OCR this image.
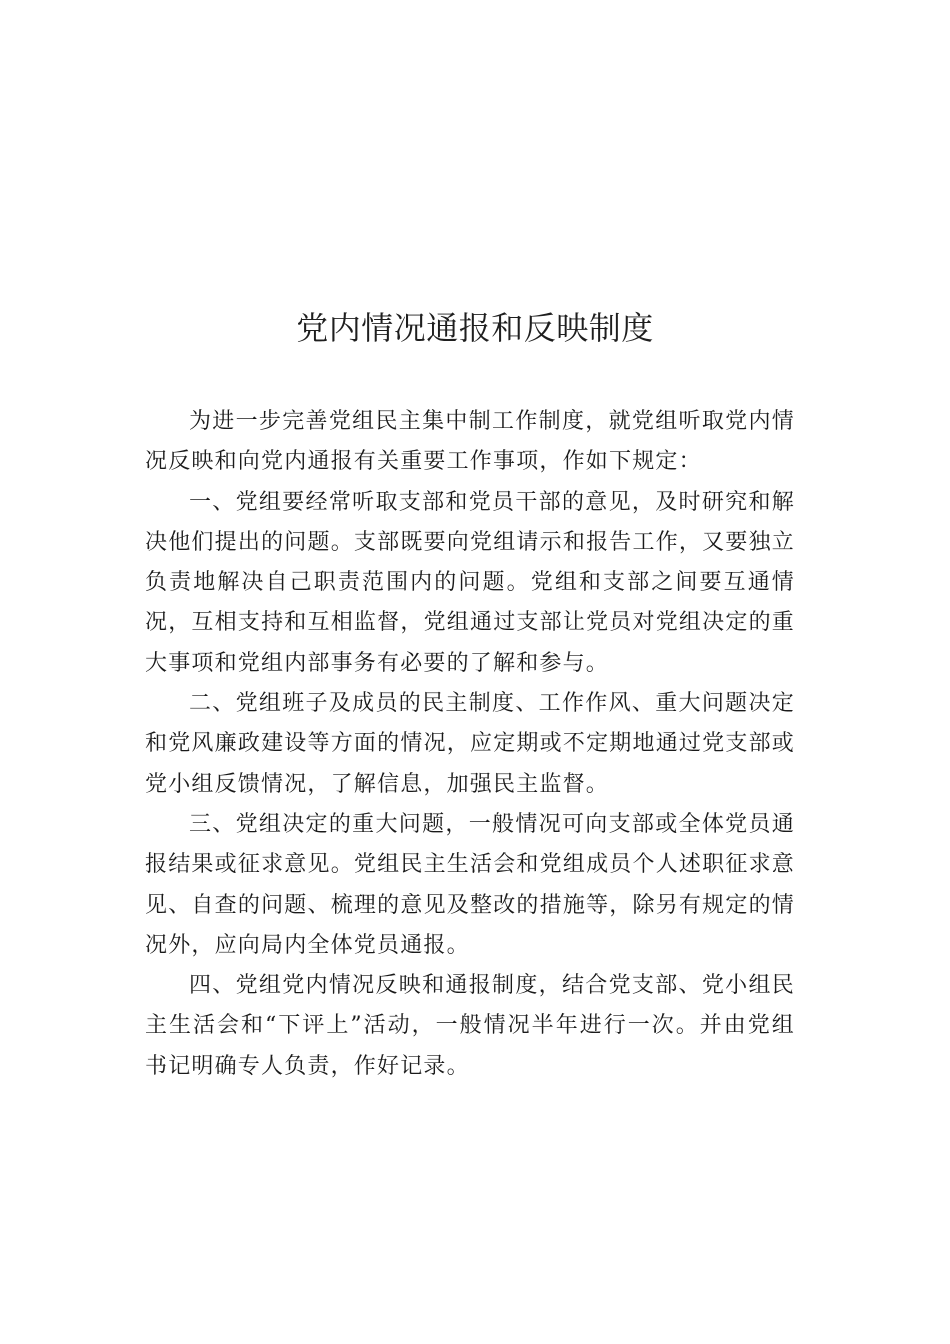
党内情况通报和反映制度

为进一步完善党组民主集中制工作制度，就党组听取党内情况反映和向党内通报有关重要工作事项，作如下规定：

一、党组要经常听取支部和党员干部的意见，及时研究和解决他们提出的问题。支部既要向党组请示和报告工作，又要独立负责地解决自己职责范围内的问题。党组和支部之间要互通情况，互相支持和互相监督，党组通过支部让党员对党组决定的重大事项和党组内部事务有必要的了解和参与。

二、党组班子及成员的民主制度、工作作风、重大问题决定和党风廉政建设等方面的情况，应定期或不定期地通过党支部或党小组反馈情况，了解信息，加强民主监督。

三、党组决定的重大问题，一般情况可向支部或全体党员通报结果或征求意见。党组民主生活会和党组成员个人述职征求意见、自查的问题、梳理的意见及整改的措施等，除另有规定的情况外，应向局内全体党员通报。

四、党组党内情况反映和通报制度，结合党支部、党小组民主生活会和“下评上”活动，一般情况半年进行一次。并由党组书记明确专人负责，作好记录。
